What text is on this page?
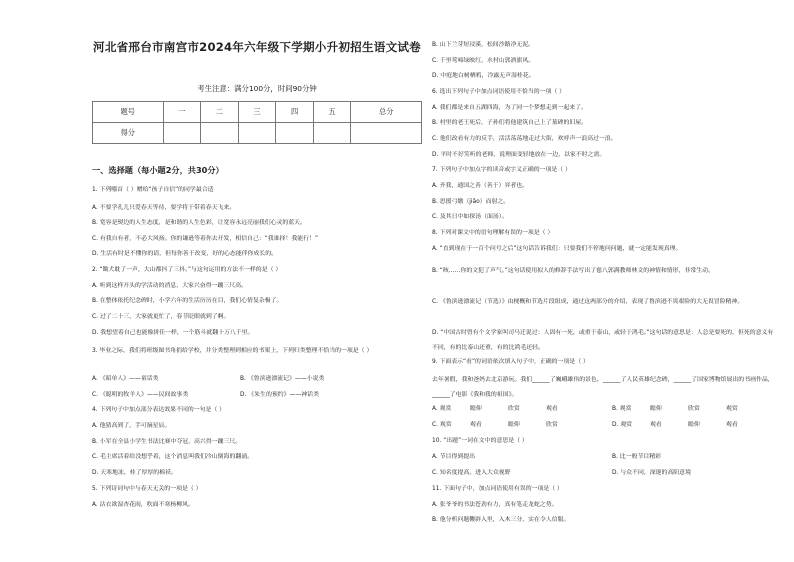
河北省邢台市南宫市2024年六年级下学期小升初招生语文试卷
考生注意：满分100分，时间90分钟
题号	一	二	三	四	五	总分
得分						
一、选择题（每小题2分，共30分）
1. 下列哪首（ ）赠给“孩子自信”的同学最合适
A. 不要学孔儿只爱春天等待，要学将于带着春天飞来。
B. 宽容是熨边的人生态度，是和谐的人生色彩，让宽容永远亮丽我们心灵的蓝天。
C. 有我自有者，不必大风扬。你的谦逊等着你去开发，相信自己：“我谁择！我能行！”
D. 生活有时是不懂你的请，但每你善于改变，好的心态能伴你成长的。
2. “锄犬耽了一声，大山都抖了三抖。”与这句运用的方法不一样的是（ ）
A. 听到这样开头的学活动的消息，大家兴奋得一蹦三尺高。
B. 在整体依托纪念碑时，小学六年的生活历历在目，我们心情复杂极了。
C. 过了二十三，大家就更忙了，春节眨眼就到了啊。
D. 我想望着自己也能像拼佳一样，一个筋斗就翻十万八千里。
3. 毕业之际，我们将班级图书角捐给学校，并分类整理到相应的书架上，下列归类整理不恰当的一项是（ ）
A. 《昭单人》——童话类	B. 《鲁滨逊漂流记》——小说类
C. 《聪明的牧羊人》——民间故事类	D. 《朱生的预约》——神话类
4. 下列句子中加点部分表达效果不同的一句是（ ）
A. 他猜高到了，手可摘星辰。
B. 小军在全县小学生书法比赛中夺冠，高兴得一蹦三尺。
C. 毛主席活着给没想乎着，这个消息叫我们冷山倒海的翻涌。
D. 天寒地冻，桂了厚厚的棉袄。
5. 下列诗词句中与春天无关的一项是（ ）
A. 沾衣欲湿杏花雨，吹面不寒杨柳风。
B. 山下兰芽短浸溪，松间沙路净无泥。
C. 千里莺啼绿映红，水村山郭酒旗风。
D. 中庭地白树栖鸦，冷露无声湿桂花。
6. 选出下列句子中加点词语使用不恰当的一项（ ）
A. 我们都是来自五湖四海，为了同一个梦想走到一起来了。
B. 村里的老王死后，子孙们将他建筑自己上了墓碑的旧屋。
C. 他们改看有力的反手，活活荡荡地走过大街，欢呼声一浪高过一浪。
D. 平时不好笑听的老师，说理面变轻地放在一边，以家不时之需。
7. 下列句子中加点字的读音或字义正确的一项是（ ）
A. 齐我，通国之善（善于）弈者也。
B. 思援弓缴（jiǎo）而射之。
C. 及其日中如探汤（面汤）。
8. 下列对课文中的语句理解有误的一项是（ ）
A. “直到现在于一百个问号之后”这句话告诉我们：只要我们不停地问问题，就一定能发现真理。
B. “咳……你的文犯了声气。”这句话使用拟人的修辞手法写出了慈八郭满教师林文的神情和情形，非常生动。
C. 《鲁滨逊漂流记（节选）》由梗概和节选片段组成，通过这两部分的介绍，表现了鲁滨逊不畏艰险的大无畏冒险精神。
D. “中国古时曾有个文学家叫司马迁说过：人固有一死，或重于泰山，或轻于鸿毛。”这句话的意思是：人总是要死的，但死的意义有不同，有的比泰山还重，有的比鸿毛还轻。
9. 下面表示“看”的词语依次填入句子中，正确的一项是（ ）
去年暑假，我和爸妈去北京游玩。我们______了巍峨雄伟的景色，______了人民英雄纪念碑，______了国家博物馆展出的书画作品，______了电影《我和我的祖国》。
A. 观赏	瞻仰	欣赏	观看	B. 观赏	瞻仰	欣赏	观赏
C. 观赏	观看	瞻仰	欣赏	D. 观赏	观看	瞻仰	观看
10. “出题”一词在文中的意思是（ ）
A. 节目得到提出	B. 比一般节目精彩
C. 知名度提高，进入大众视野	D. 与众不同，深邃的高阳意境
11. 下面句子中，加点词语使用有误的一项是（ ）
A. 张爷爷的书法苍劲有力，真有笔走龙蛇之势。
B. 他分析问题鞭辟入里，入木三分，实在令人信服。
